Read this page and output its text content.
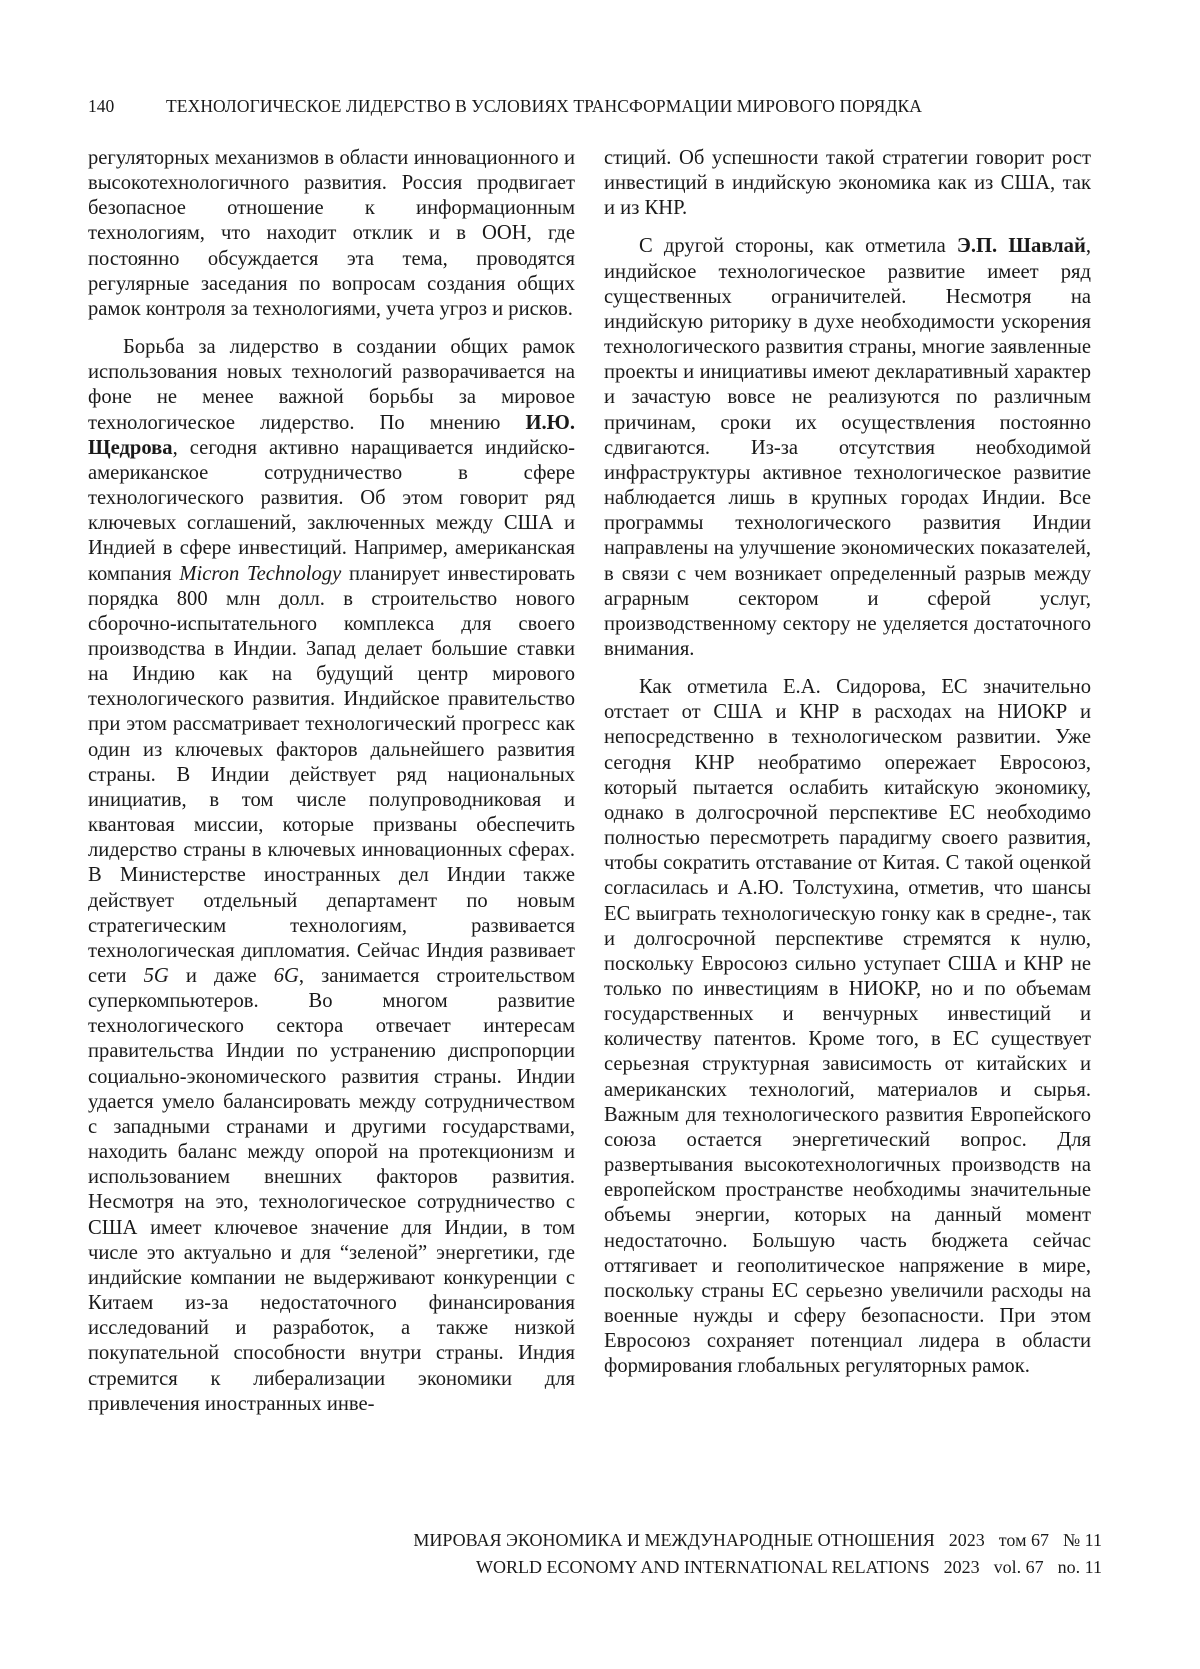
140	ТЕХНОЛОГИЧЕСКОЕ ЛИДЕРСТВО В УСЛОВИЯХ ТРАНСФОРМАЦИИ МИРОВОГО ПОРЯДКА

регуляторных механизмов в области инновационного и высокотехнологичного развития. Россия продвигает безопасное отношение к информационным технологиям, что находит отклик и в ООН, где постоянно обсуждается эта тема, проводятся регулярные заседания по вопросам создания общих рамок контроля за технологиями, учета угроз и рисков.

Борьба за лидерство в создании общих рамок использования новых технологий разворачивается на фоне не менее важной борьбы за мировое технологическое лидерство. По мнению И.Ю. Щедрова, сегодня активно наращивается индийско-американское сотрудничество в сфере технологического развития. Об этом говорит ряд ключевых соглашений, заключенных между США и Индией в сфере инвестиций. Например, американская компания Micron Technology планирует инвестировать порядка 800 млн долл. в строительство нового сборочно-испытательного комплекса для своего производства в Индии. Запад делает большие ставки на Индию как на будущий центр мирового технологического развития. Индийское правительство при этом рассматривает технологический прогресс как один из ключевых факторов дальнейшего развития страны. В Индии действует ряд национальных инициатив, в том числе полупроводниковая и квантовая миссии, которые призваны обеспечить лидерство страны в ключевых инновационных сферах. В Министерстве иностранных дел Индии также действует отдельный департамент по новым стратегическим технологиям, развивается технологическая дипломатия. Сейчас Индия развивает сети 5G и даже 6G, занимается строительством суперкомпьютеров. Во многом развитие технологического сектора отвечает интересам правительства Индии по устранению диспропорции социально-экономического развития страны. Индии удается умело балансировать между сотрудничеством с западными странами и другими государствами, находить баланс между опорой на протекционизм и использованием внешних факторов развития. Несмотря на это, технологическое сотрудничество с США имеет ключевое значение для Индии, в том числе это актуально и для “зеленой” энергетики, где индийские компании не выдерживают конкуренции с Китаем из-за недостаточного финансирования исследований и разработок, а также низкой покупательной способности внутри страны. Индия стремится к либерализации экономики для привлечения иностранных инве-

стиций. Об успешности такой стратегии говорит рост инвестиций в индийскую экономика как из США, так и из КНР.

С другой стороны, как отметила Э.П. Шавлай, индийское технологическое развитие имеет ряд существенных ограничителей. Несмотря на индийскую риторику в духе необходимости ускорения технологического развития страны, многие заявленные проекты и инициативы имеют декларативный характер и зачастую вовсе не реализуются по различным причинам, сроки их осуществления постоянно сдвигаются. Из-за отсутствия необходимой инфраструктуры активное технологическое развитие наблюдается лишь в крупных городах Индии. Все программы технологического развития Индии направлены на улучшение экономических показателей, в связи с чем возникает определенный разрыв между аграрным сектором и сферой услуг, производственному сектору не уделяется достаточного внимания.

Как отметила Е.А. Сидорова, ЕС значительно отстает от США и КНР в расходах на НИОКР и непосредственно в технологическом развитии. Уже сегодня КНР необратимо опережает Евросоюз, который пытается ослабить китайскую экономику, однако в долгосрочной перспективе ЕС необходимо полностью пересмотреть парадигму своего развития, чтобы сократить отставание от Китая. С такой оценкой согласилась и А.Ю. Толстухина, отметив, что шансы ЕС выиграть технологическую гонку как в средне-, так и долгосрочной перспективе стремятся к нулю, поскольку Евросоюз сильно уступает США и КНР не только по инвестициям в НИОКР, но и по объемам государственных и венчурных инвестиций и количеству патентов. Кроме того, в ЕС существует серьезная структурная зависимость от китайских и американских технологий, материалов и сырья. Важным для технологического развития Европейского союза остается энергетический вопрос. Для развертывания высокотехнологичных производств на европейском пространстве необходимы значительные объемы энергии, которых на данный момент недостаточно. Большую часть бюджета сейчас оттягивает и геополитическое напряжение в мире, поскольку страны ЕС серьезно увеличили расходы на военные нужды и сферу безопасности. При этом Евросоюз сохраняет потенциал лидера в области формирования глобальных регуляторных рамок.

МИРОВАЯ ЭКОНОМИКА И МЕЖДУНАРОДНЫЕ ОТНОШЕНИЯ 2023 том 67 № 11
WORLD ECONOMY AND INTERNATIONAL RELATIONS 2023 vol. 67 no. 11
